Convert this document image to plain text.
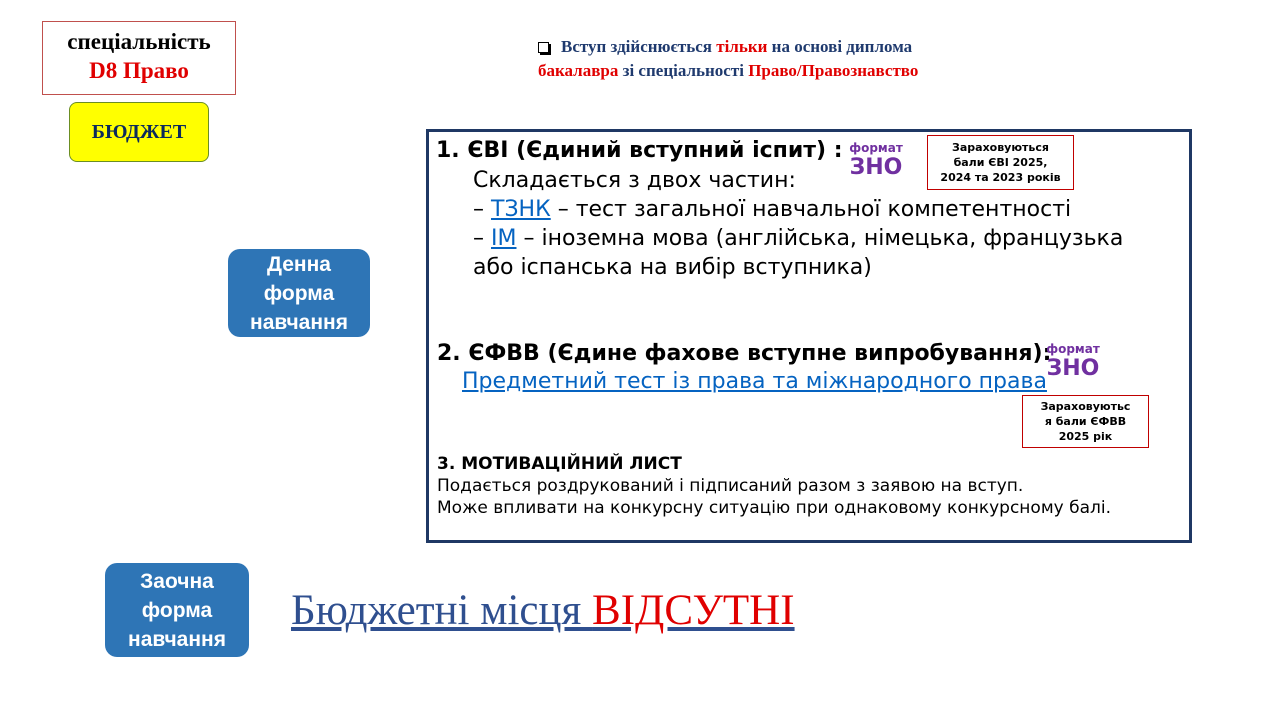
спеціальність
D8 Право
БЮДЖЕТ
Вступ здійснюється тільки на основі диплома
бакалавра зі спеціальності Право/Правознавство
Денна
форма
навчання
1. ЄВІ (Єдиний вступний іспит) :
Складається з двох частин:
– ТЗНК – тест загальної навчальної компетентності
– ІМ – іноземна мова (англійська, німецька, французька
або іспанська на вибір вступника)
формат
ЗНО
Зараховуються
бали ЄВІ 2025,
2024 та 2023 років
2. ЄФВВ (Єдине фахове вступне випробування):
Предметний тест із права та міжнародного права
формат
ЗНО
Зараховуютьс
я бали ЄФВВ
2025 рік
3. МОТИВАЦІЙНИЙ ЛИСТ
Подається роздрукований і підписаний разом з заявою на вступ.
Може впливати на конкурсну ситуацію при однаковому конкурсному балі.
Заочна
форма
навчання
Бюджетні місця ВІДСУТНІ
